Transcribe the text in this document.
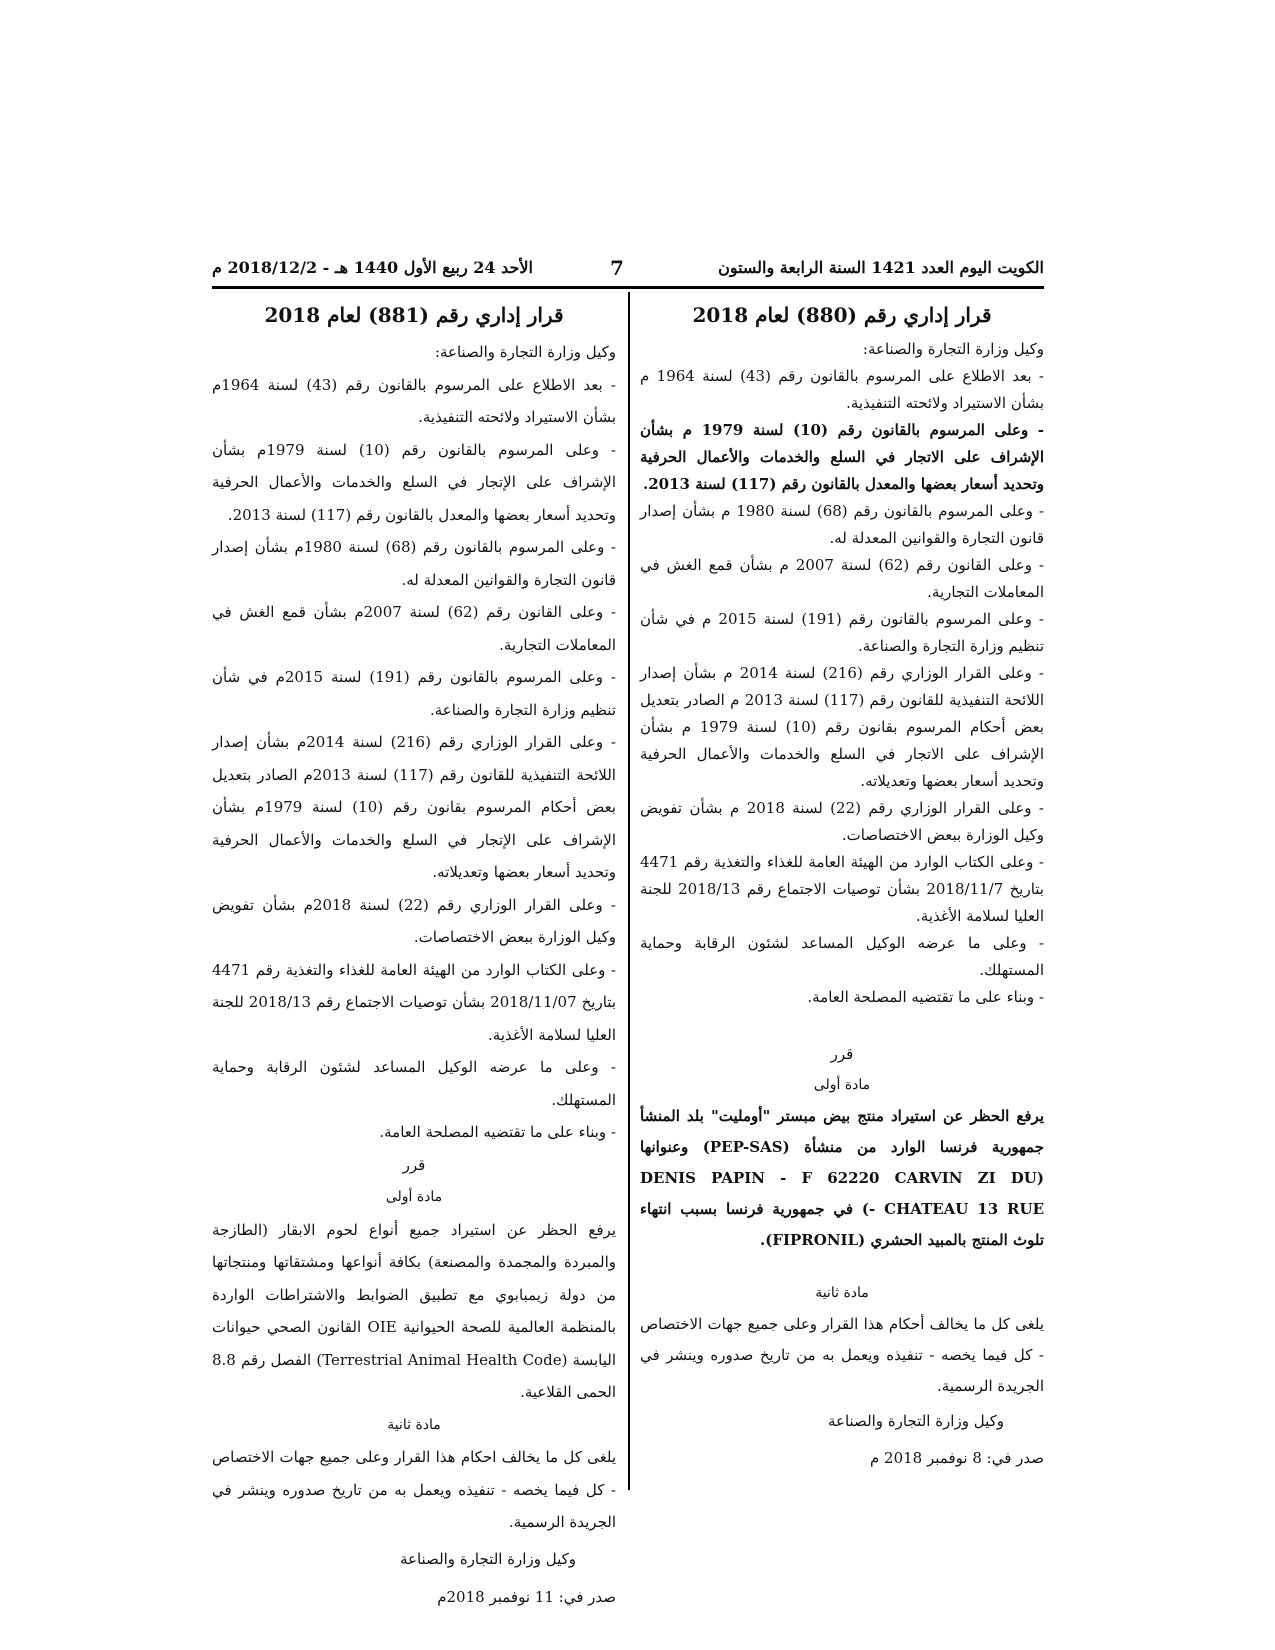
الكويت اليوم العدد 1421 السنة الرابعة والستون
7
الأحد 24 ربيع الأول 1440 هـ - 2018/12/2 م
قرار إداري رقم (880) لعام 2018

وكيل وزارة التجارة والصناعة:

- بعد الاطلاع على المرسوم بالقانون رقم (43) لسنة 1964 م بشأن الاستيراد ولائحته التنفيذية.

- وعلى المرسوم بالقانون رقم (10) لسنة 1979 م بشأن الإشراف على الاتجار في السلع والخدمات والأعمال الحرفية وتحديد أسعار بعضها والمعدل بالقانون رقم (117) لسنة 2013.

- وعلى المرسوم بالقانون رقم (68) لسنة 1980 م بشأن إصدار قانون التجارة والقوانين المعدلة له.

- وعلى القانون رقم (62) لسنة 2007 م بشأن قمع الغش في المعاملات التجارية.

- وعلى المرسوم بالقانون رقم (191) لسنة 2015 م في شأن تنظيم وزارة التجارة والصناعة.

- وعلى القرار الوزاري رقم (216) لسنة 2014 م بشأن إصدار اللائحة التنفيذية للقانون رقم (117) لسنة 2013 م الصادر بتعديل بعض أحكام المرسوم بقانون رقم (10) لسنة 1979 م بشأن الإشراف على الاتجار في السلع والخدمات والأعمال الحرفية وتحديد أسعار بعضها وتعديلاته.

- وعلى القرار الوزاري رقم (22) لسنة 2018 م بشأن تفويض وكيل الوزارة ببعض الاختصاصات.

- وعلى الكتاب الوارد من الهيئة العامة للغذاء والتغذية رقم 4471 بتاريخ 2018/11/7 بشأن توصيات الاجتماع رقم 2018/13 للجنة العليا لسلامة الأغذية.

- وعلى ما عرضه الوكيل المساعد لشئون الرقابة وحماية المستهلك.

- وبناء على ما تقتضيه المصلحة العامة.

قرر

مادة أولى

يرفع الحظر عن استيراد منتج بيض مبستر "أومليت" بلد المنشأ جمهورية فرنسا الوارد من منشأة (PEP-SAS) وعنوانها (DENIS PAPIN - F 62220 CARVIN ZI DU CHATEAU 13 RUE -) في جمهورية فرنسا بسبب انتهاء تلوث المنتج بالمبيد الحشري (FIPRONIL).

مادة ثانية

يلغى كل ما يخالف أحكام هذا القرار وعلى جميع جهات الاختصاص - كل فيما يخصه - تنفيذه ويعمل به من تاريخ صدوره وينشر في الجريدة الرسمية.

وكيل وزارة التجارة والصناعة

صدر في: 8 نوفمبر 2018 م

قرار إداري رقم (881) لعام 2018

وكيل وزارة التجارة والصناعة:

- بعد الاطلاع على المرسوم بالقانون رقم (43) لسنة 1964م بشأن الاستيراد ولائحته التنفيذية.

- وعلى المرسوم بالقانون رقم (10) لسنة 1979م بشأن الإشراف على الإتجار في السلع والخدمات والأعمال الحرفية وتحديد أسعار بعضها والمعدل بالقانون رقم (117) لسنة 2013.

- وعلى المرسوم بالقانون رقم (68) لسنة 1980م بشأن إصدار قانون التجارة والقوانين المعدلة له.

- وعلى القانون رقم (62) لسنة 2007م بشأن قمع الغش في المعاملات التجارية.

- وعلى المرسوم بالقانون رقم (191) لسنة 2015م في شأن تنظيم وزارة التجارة والصناعة.

- وعلى القرار الوزاري رقم (216) لسنة 2014م بشأن إصدار اللائحة التنفيذية للقانون رقم (117) لسنة 2013م الصادر بتعديل بعض أحكام المرسوم بقانون رقم (10) لسنة 1979م بشأن الإشراف على الإتجار في السلع والخدمات والأعمال الحرفية وتحديد أسعار بعضها وتعديلاته.

- وعلى القرار الوزاري رقم (22) لسنة 2018م بشأن تفويض وكيل الوزارة ببعض الاختصاصات.

- وعلى الكتاب الوارد من الهيئة العامة للغذاء والتغذية رقم 4471 بتاريخ 2018/11/07 بشأن توصيات الاجتماع رقم 2018/13 للجنة العليا لسلامة الأغذية.

- وعلى ما عرضه الوكيل المساعد لشئون الرقابة وحماية المستهلك.

- وبناء على ما تقتضيه المصلحة العامة.

قرر

مادة أولى

يرفع الحظر عن استيراد جميع أنواع لحوم الابقار (الطازجة والمبردة والمجمدة والمصنعة) بكافة أنواعها ومشتقاتها ومنتجاتها من دولة زيمبابوي مع تطبيق الضوابط والاشتراطات الواردة بالمنظمة العالمية للصحة الحيوانية OIE القانون الصحي حيوانات اليابسة (Terrestrial Animal Health Code) الفصل رقم 8.8 الحمى القلاعية.

مادة ثانية

يلغى كل ما يخالف احكام هذا القرار وعلى جميع جهات الاختصاص - كل فيما يخصه - تنفيذه ويعمل به من تاريخ صدوره وينشر في الجريدة الرسمية.

وكيل وزارة التجارة والصناعة

صدر في: 11 نوفمبر 2018م
